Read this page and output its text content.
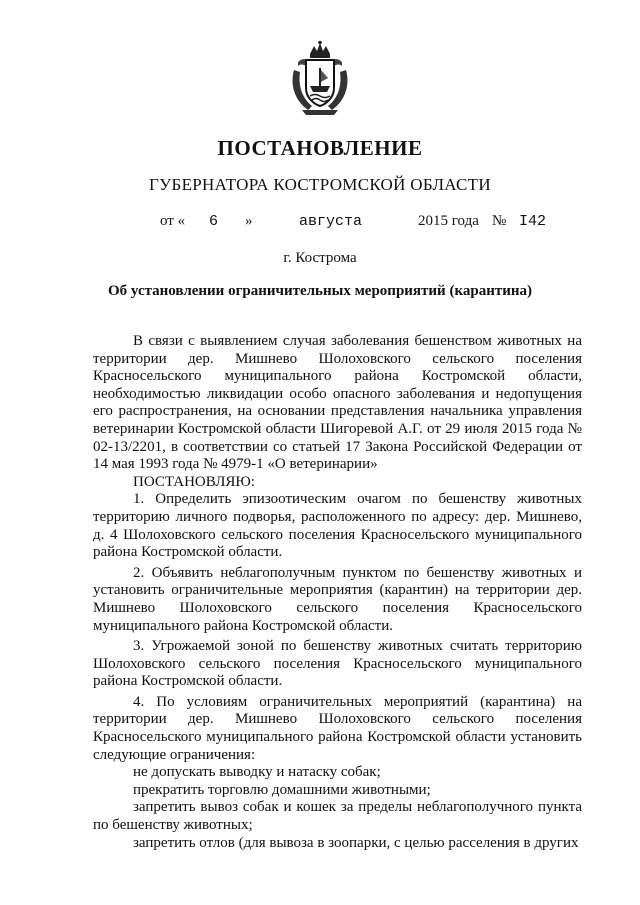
ПОСТАНОВЛЕНИЕ
ГУБЕРНАТОРА КОСТРОМСКОЙ ОБЛАСТИ
от « 6 »	августа	2015 года № I42
г. Кострома
Об установлении ограничительных мероприятий (карантина)

В связи с выявлением случая заболевания бешенством животных на территории дер. Мишнево Шолоховского сельского поселения Красносельского муниципального района Костромской области, необходимостью ликвидации особо опасного заболевания и недопущения его распространения, на основании представления начальника управления ветеринарии Костромской области Шигоревой А.Г. от 29 июля 2015 года № 02-13/2201, в соответствии со статьей 17 Закона Российской Федерации от 14 мая 1993 года № 4979-1 «О ветеринарии»

ПОСТАНОВЛЯЮ:

1. Определить эпизоотическим очагом по бешенству животных территорию личного подворья, расположенного по адресу: дер. Мишнево, д. 4 Шолоховского сельского поселения Красносельского муниципального района Костромской области.

2. Объявить неблагополучным пунктом по бешенству животных и установить ограничительные мероприятия (карантин) на территории дер. Мишнево Шолоховского сельского поселения Красносельского муниципального района Костромской области.

3. Угрожаемой зоной по бешенству животных считать территорию Шолоховского сельского поселения Красносельского муниципального района Костромской области.

4. По условиям ограничительных мероприятий (карантина) на территории дер. Мишнево Шолоховского сельского поселения Красносельского муниципального района Костромской области установить следующие ограничения:

не допускать выводку и натаску собак;

прекратить торговлю домашними животными;

запретить вывоз собак и кошек за пределы неблагополучного пункта по бешенству животных;

запретить отлов (для вывоза в зоопарки, с целью расселения в других
